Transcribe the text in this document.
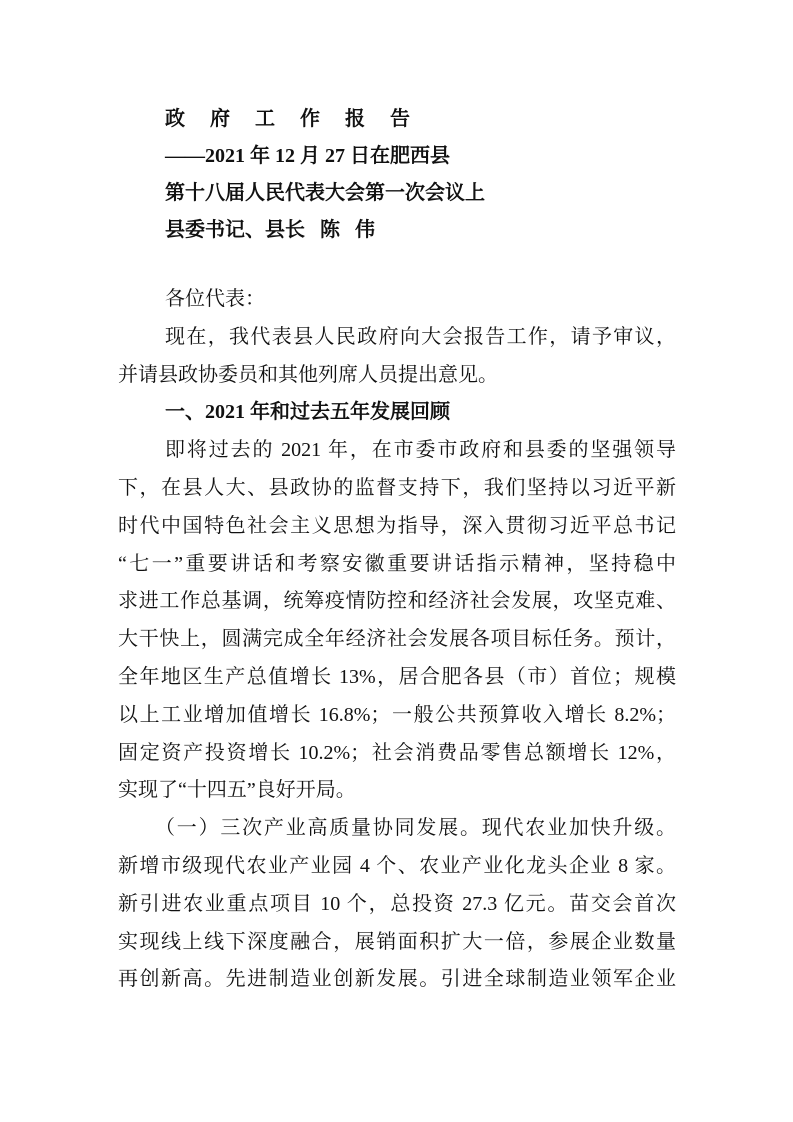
政 府 工 作 报 告
——2021 年 12 月 27 日在肥西县
第十八届人民代表大会第一次会议上
县委书记、县长   陈   伟
各位代表：
现在，我代表县人民政府向大会报告工作，请予审议，
并请县政协委员和其他列席人员提出意见。
一、2021 年和过去五年发展回顾
即将过去的 2021 年，在市委市政府和县委的坚强领导
下，在县人大、县政协的监督支持下，我们坚持以习近平新
时代中国特色社会主义思想为指导，深入贯彻习近平总书记
“七一”重要讲话和考察安徽重要讲话指示精神，坚持稳中
求进工作总基调，统筹疫情防控和经济社会发展，攻坚克难、
大干快上，圆满完成全年经济社会发展各项目标任务。预计，
全年地区生产总值增长 13%，居合肥各县（市）首位；规模
以上工业增加值增长 16.8%；一般公共预算收入增长 8.2%；
固定资产投资增长 10.2%；社会消费品零售总额增长 12%，
实现了“十四五”良好开局。
（一）三次产业高质量协同发展。现代农业加快升级。
新增市级现代农业产业园 4 个、农业产业化龙头企业 8 家。
新引进农业重点项目 10 个，总投资 27.3 亿元。苗交会首次
实现线上线下深度融合，展销面积扩大一倍，参展企业数量
再创新高。先进制造业创新发展。引进全球制造业领军企业
